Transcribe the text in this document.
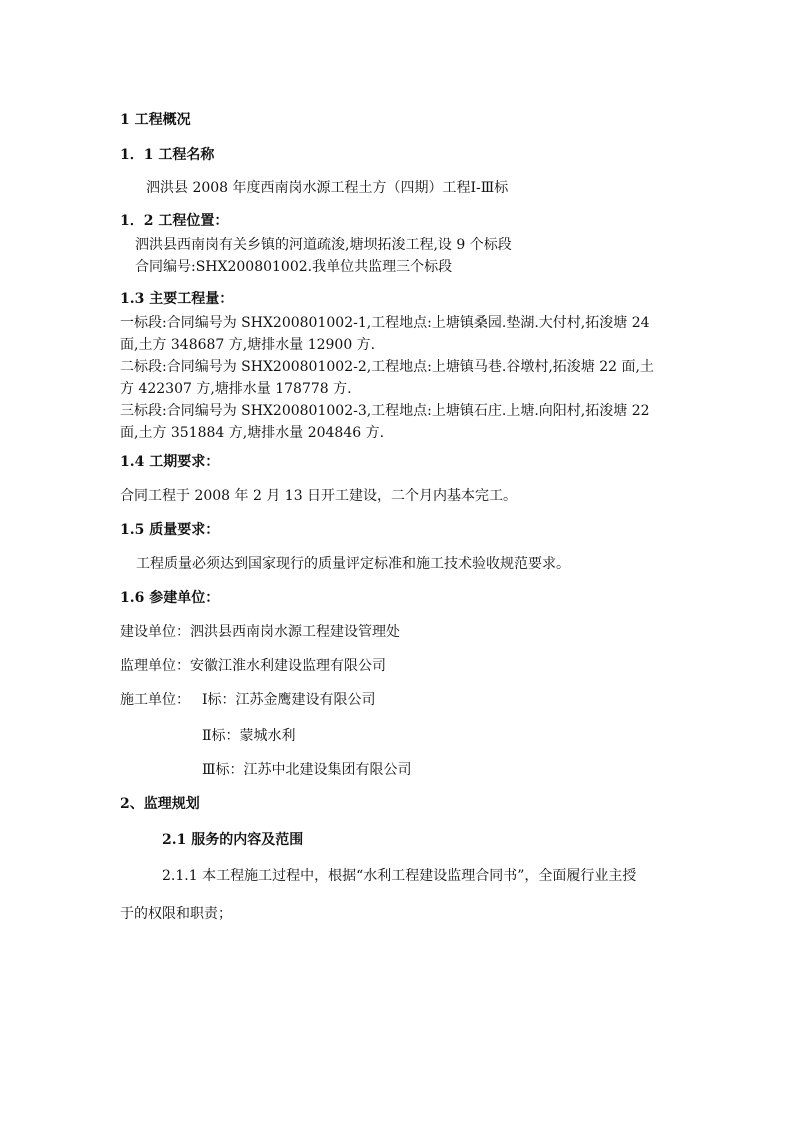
1 工程概况
1．1 工程名称
泗洪县 2008 年度西南岗水源工程土方（四期）工程Ⅰ-Ⅲ标
1．2 工程位置：
泗洪县西南岗有关乡镇的河道疏浚,塘坝拓浚工程,设 9 个标段
合同编号:SHX200801002.我单位共监理三个标段
1.3 主要工程量：
一标段:合同编号为 SHX200801002-1,工程地点:上塘镇桑园.垫湖.大付村,拓浚塘 24
面,土方 348687 方,塘排水量 12900 方.
二标段:合同编号为 SHX200801002-2,工程地点:上塘镇马巷.谷墩村,拓浚塘 22 面,土
方 422307 方,塘排水量 178778 方.
三标段:合同编号为 SHX200801002-3,工程地点:上塘镇石庄.上塘.向阳村,拓浚塘 22
面,土方 351884 方,塘排水量 204846 方.
1.4 工期要求：
合同工程于 2008 年 2 月 13 日开工建设，二个月内基本完工。
1.5 质量要求：
工程质量必须达到国家现行的质量评定标准和施工技术验收规范要求。
1.6 参建单位：
建设单位：泗洪县西南岗水源工程建设管理处
监理单位：安徽江淮水利建设监理有限公司
施工单位： Ⅰ标：江苏金鹰建设有限公司
Ⅱ标：蒙城水利
Ⅲ标：江苏中北建设集团有限公司
2、监理规划
2.1 服务的内容及范围
2.1.1 本工程施工过程中，根据“水利工程建设监理合同书”，全面履行业主授
于的权限和职责；
